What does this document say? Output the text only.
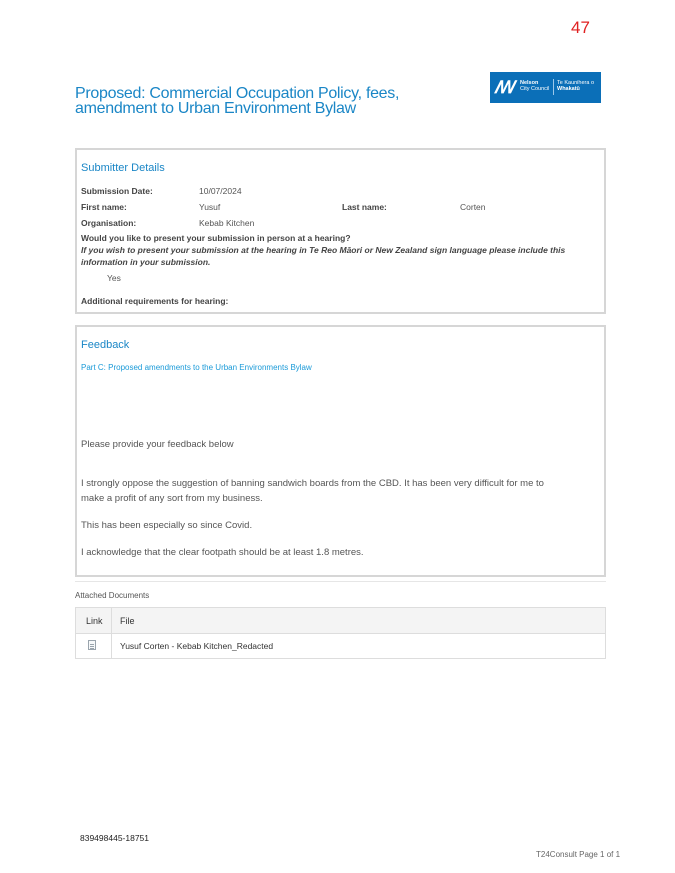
47
Proposed: Commercial Occupation Policy, fees, amendment to Urban Environment Bylaw
ꟿ Nelson
City Council
Te Kaunihera o
Whakatū
Submitter Details
Submission Date:	10/07/2024
First name:	Yusuf	Last name:	Corten
Organisation:	Kebab Kitchen
Would you like to present your submission in person at a hearing?
If you wish to present your submission at the hearing in Te Reo Māori or New Zealand sign language please include this information in your submission.
Yes
Additional requirements for hearing:
Feedback
Part C: Proposed amendments to the Urban Environments Bylaw
Please provide your feedback below
I strongly oppose the suggestion of banning sandwich boards from the CBD. It has been very difficult for me to make a profit of any sort from my business.
This has been especially so since Covid.
I acknowledge that the clear footpath should be at least 1.8 metres.
Attached Documents
Link File
Yusuf Corten - Kebab Kitchen_Redacted
839498445-18751
T24Consult Page 1 of 1
